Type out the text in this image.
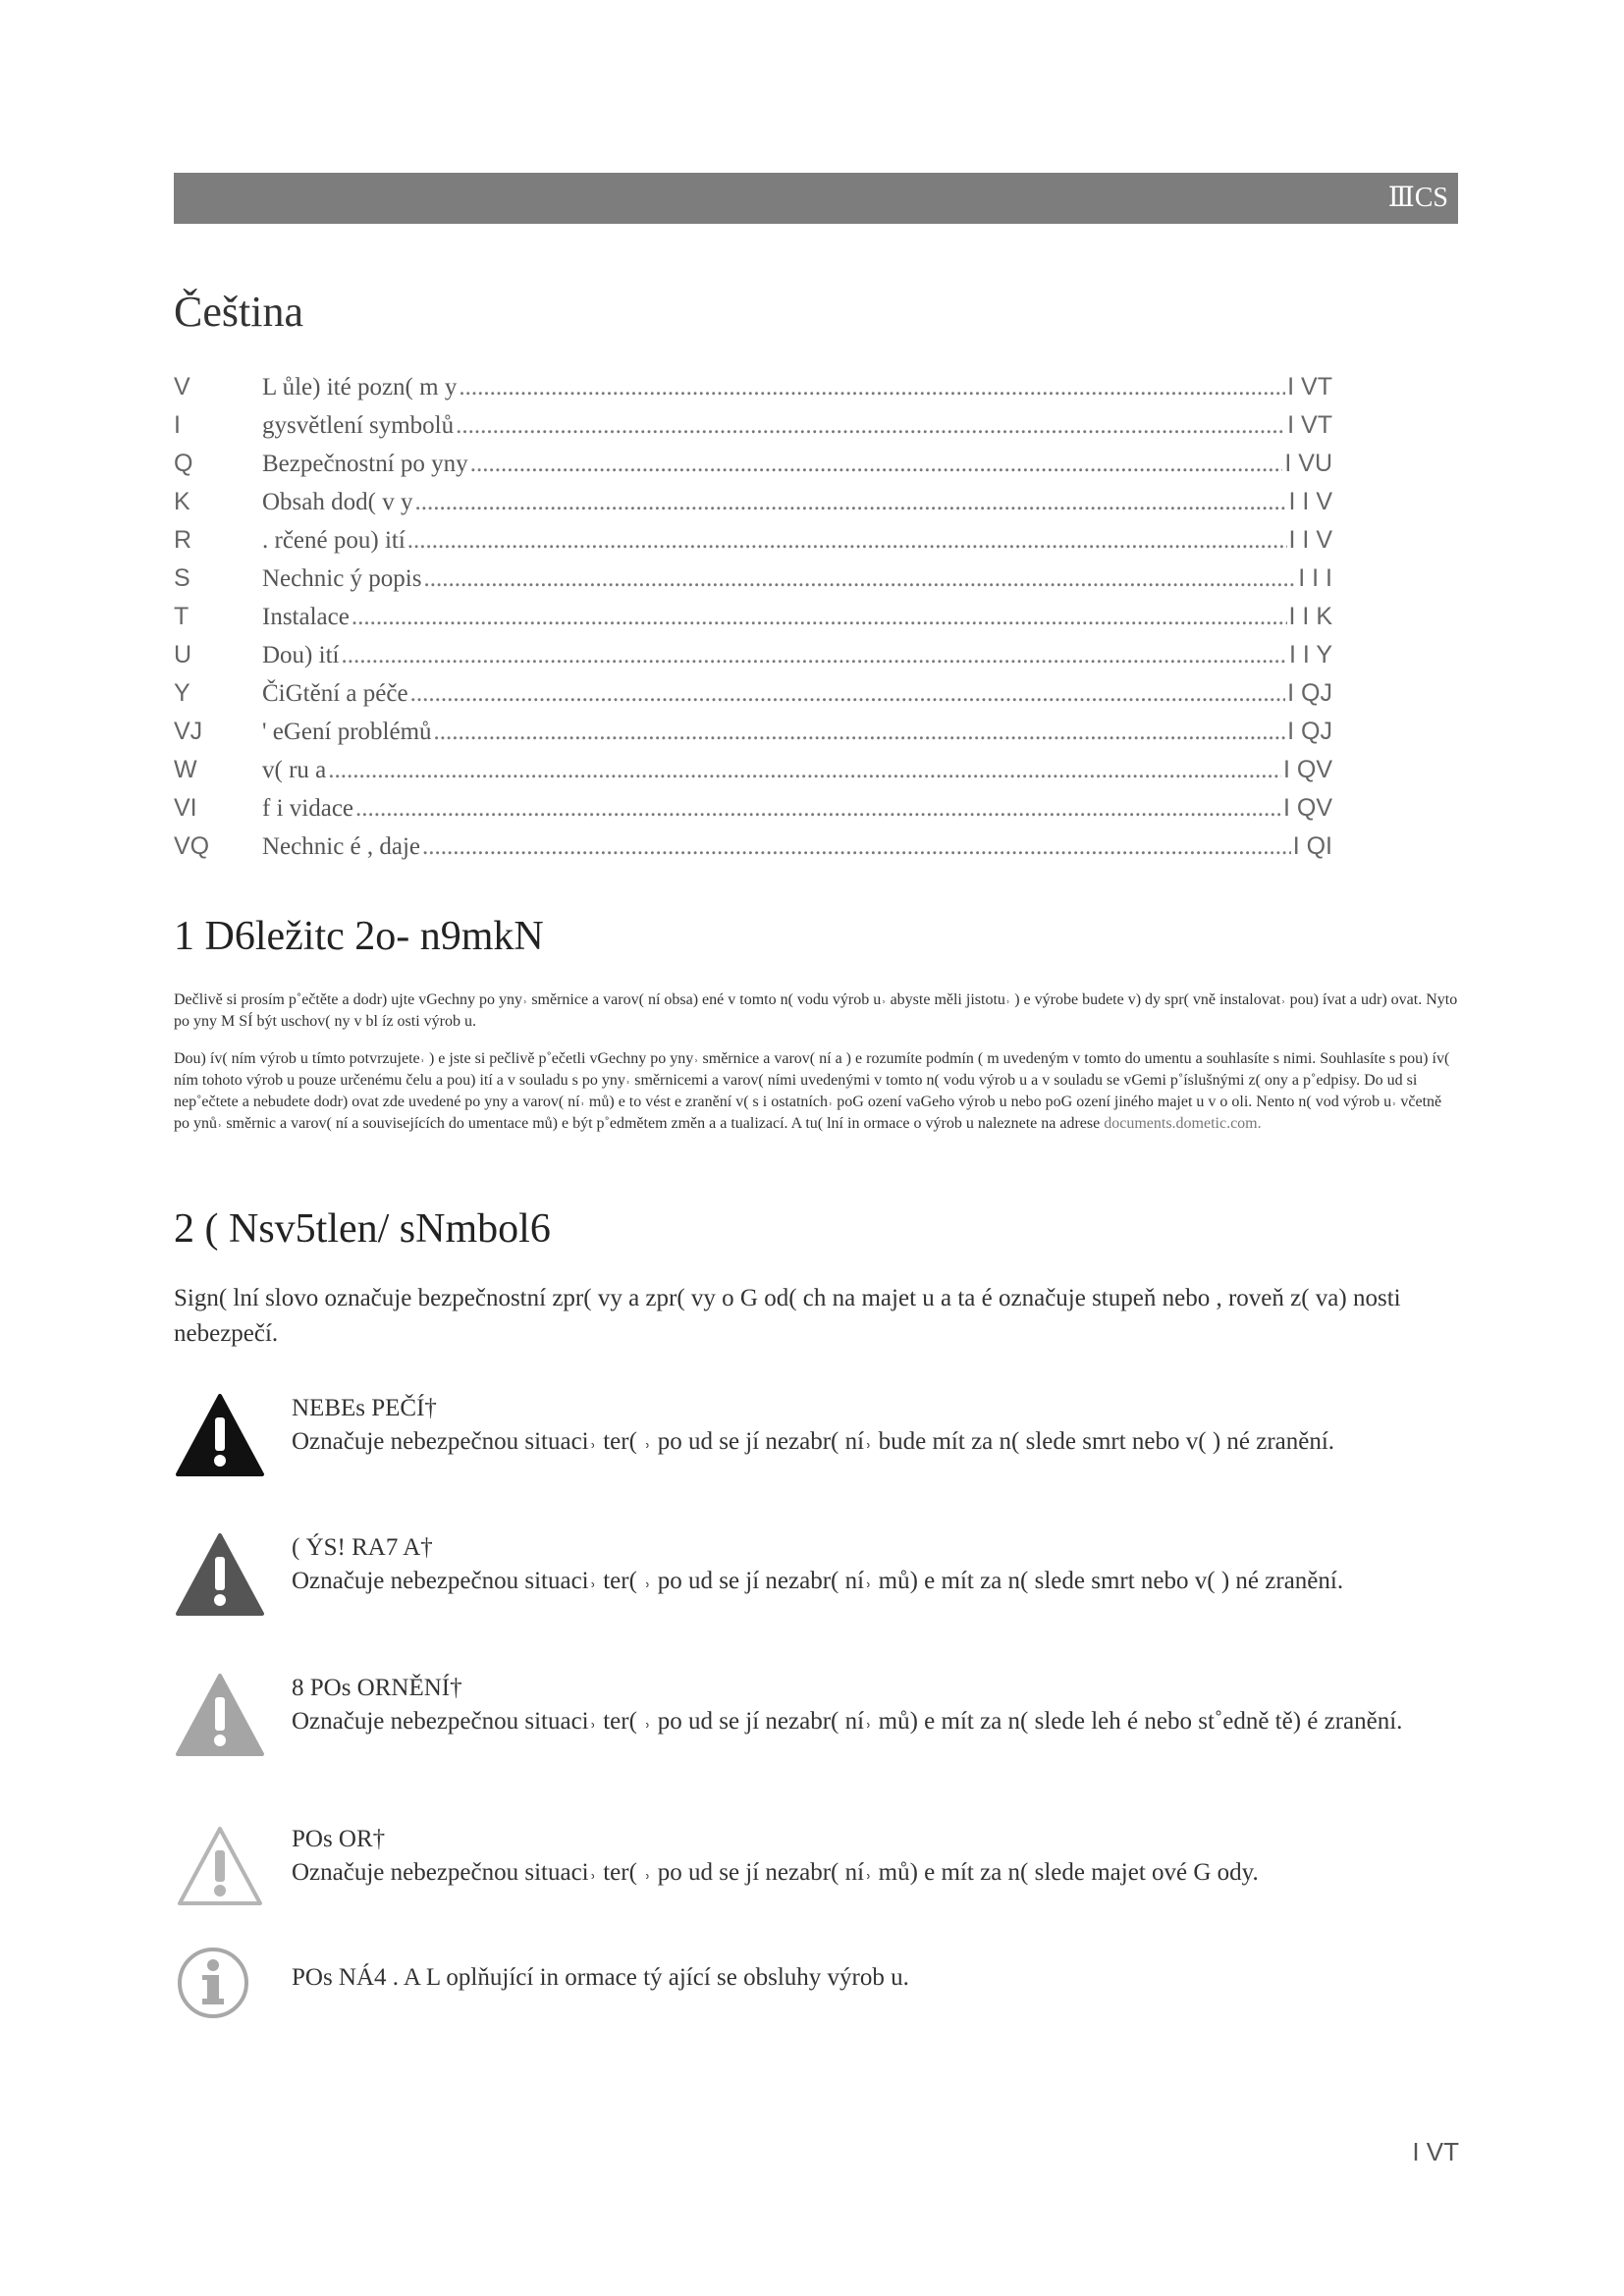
ⅢCS
Čeština
V	L ůle) ité pozn( m y .....	I VT
I	gysvětlení symbolů .....	I VT
Q	Bezpečnostní po yny .....	I VU
K	Obsah dod( v y .....	I I V
R	. rčené pou) ití .....	I I V
S	Nechnic ý popis .....	I I I
T	Instalace .....	I I K
U	Dou) ití .....	I I Y
Y	ČiGtění a péče .....	I QJ
VJ	' eGení problémů .....	I QJ
W	v( ru a .....	I QV
VI	f i vidace .....	I QV
VQ	Nechnic é , daje .....	I QI
1 D6ležitc 2o- n9mkN

Dečlivě si prosím p˚ečtěte a dodr) ujte vGechny po yny˒ směrnice a varov( ní obsa) ené v tomto n( vodu výrob u˒ abyste měli jistotu˒ ) e výrobe budete v) dy spr( vně instalovat˒ pou) ívat a udr) ovat. Nyto po yny M SÍ být uschov( ny v bl íz osti výrob u.

Dou) ív( ním výrob u tímto potvrzujete˒ ) e jste si pečlivě p˚ečetli vGechny po yny˒ směrnice a varov( ní a ) e rozumíte podmín ( m uvedeným v tomto do umentu a souhlasíte s nimi. Souhlasíte s pou) ív( ním tohoto výrob u pouze určenému čelu a pou) ití a v souladu s po yny˒ směrnicemi a varov( ními uvedenými v tomto n( vodu výrob u a v souladu se vGemi p˚íslušnými z( ony a p˚edpisy. Do ud si nep˚ečtete a nebudete dodr) ovat zde uvedené po yny a varov( ní˒ mů) e to vést e zranění v( s i ostatních˒ poG ození vaGeho výrob u nebo poG ození jiného majet u v o oli. Nento n( vod výrob u˒ včetně po ynů˒ směrnic a varov( ní a souvisejících do umentace mů) e být p˚edmětem změn a a tualizací. A tu( lní in ormace o výrob u naleznete na adrese documents.dometic.com.

2 ( Nsv5tlen/ sNmbol6
Sign( lní slovo označuje bezpečnostní zpr( vy a zpr( vy o G od( ch na majet u a ta é označuje stupeň nebo , roveň z( va) nosti nebezpečí.
NEBEs PEČÍ†
Označuje nebezpečnou situaci˒ ter( ˒ po ud se jí nezabr( ní˒ bude mít za n( slede smrt nebo v( ) né zranění.
( ÝS! RA7 A†
Označuje nebezpečnou situaci˒ ter( ˒ po ud se jí nezabr( ní˒ mů) e mít za n( slede smrt nebo v( ) né zranění.
8 POs ORNĚNÍ†
Označuje nebezpečnou situaci˒ ter( ˒ po ud se jí nezabr( ní˒ mů) e mít za n( slede leh é nebo st˚edně tě) é zranění.
POs OR†
Označuje nebezpečnou situaci˒ ter( ˒ po ud se jí nezabr( ní˒ mů) e mít za n( slede majet ové G ody.
POs NÁ4 . A L oplňující in ormace tý ající se obsluhy výrob u.
I VT
